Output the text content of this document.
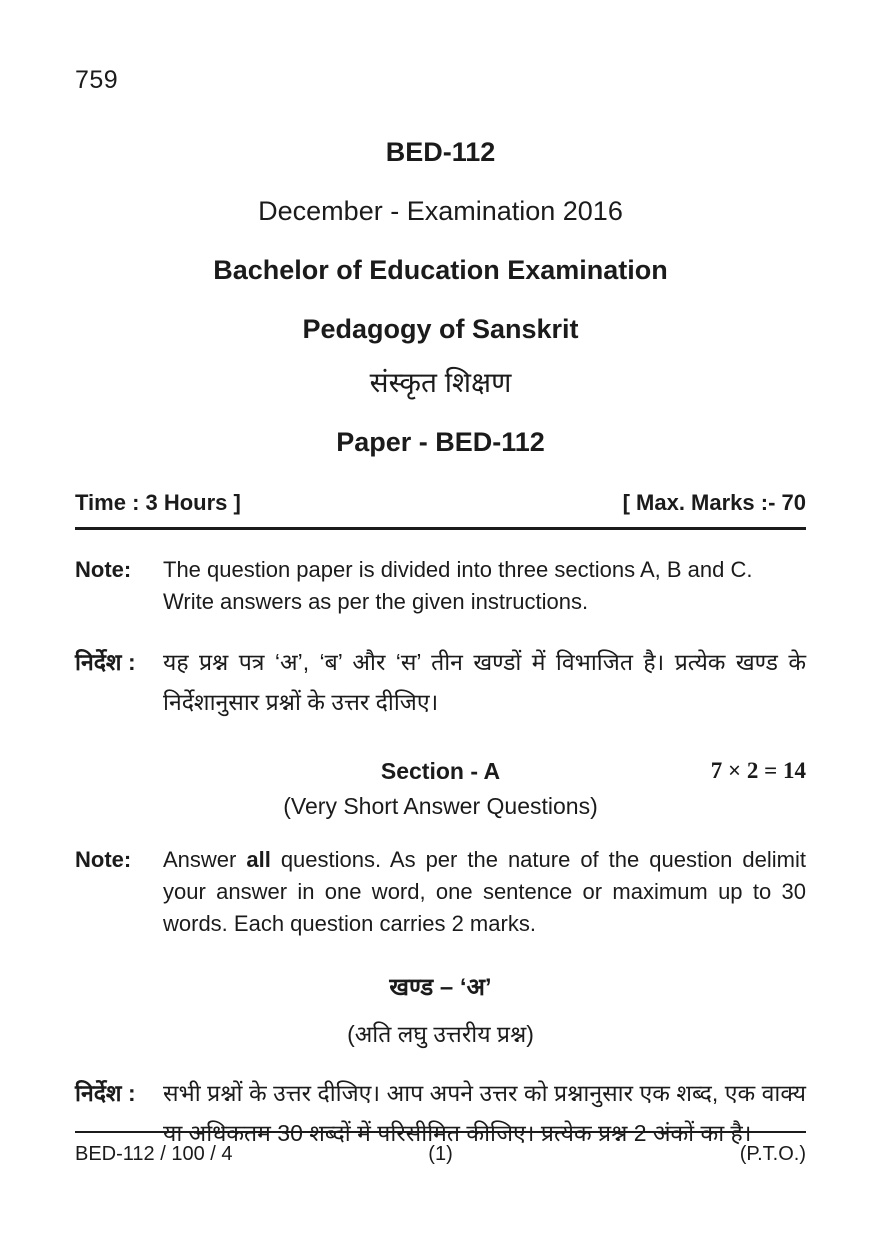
759
BED-112
December - Examination 2016
Bachelor of Education Examination
Pedagogy of Sanskrit
संस्कृत शिक्षण
Paper - BED-112
Time : 3 Hours ]	[ Max. Marks :- 70
Note:	The question paper is divided into three sections A, B and C. Write answers as per the given instructions.
निर्देश :	यह प्रश्न पत्र ‘अ’, ‘ब’ और ‘स’ तीन खण्डों में विभाजित है। प्रत्येक खण्ड के निर्देशानुसार प्रश्नों के उत्तर दीजिए।
Section - A	7 × 2 = 14
(Very Short Answer Questions)
Note:	Answer all questions. As per the nature of the question delimit your answer in one word, one sentence or maximum up to 30 words. Each question carries 2 marks.
खण्ड – ‘अ’
(अति लघु उत्तरीय प्रश्न)
निर्देश :	सभी प्रश्नों के उत्तर दीजिए। आप अपने उत्तर को प्रश्नानुसार एक शब्द, एक वाक्य या अधिकतम 30 शब्दों में परिसीमित कीजिए। प्रत्येक प्रश्न 2 अंकों का है।
BED-112 / 100 / 4	(1)	(P.T.O.)
